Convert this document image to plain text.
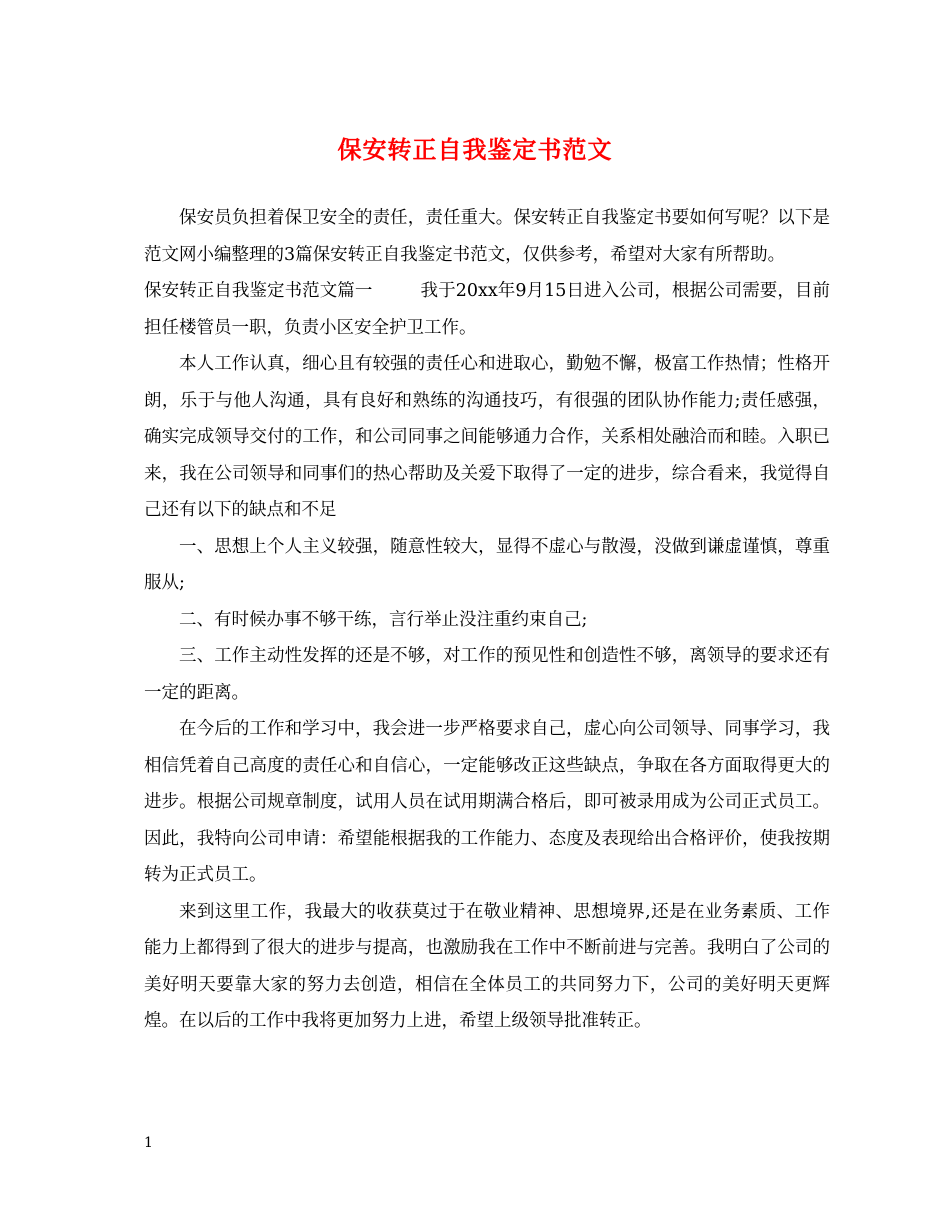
保安转正自我鉴定书范文

保安员负担着保卫安全的责任，责任重大。保安转正自我鉴定书要如何写呢？以下是范文网小编整理的3篇保安转正自我鉴定书范文，仅供参考，希望对大家有所帮助。

保安转正自我鉴定书范文篇一	我于20xx年9月15日进入公司，根据公司需要，目前担任楼管员一职，负责小区安全护卫工作。

本人工作认真，细心且有较强的责任心和进取心，勤勉不懈，极富工作热情；性格开朗，乐于与他人沟通，具有良好和熟练的沟通技巧，有很强的团队协作能力;责任感强，确实完成领导交付的工作，和公司同事之间能够通力合作，关系相处融洽而和睦。入职已来，我在公司领导和同事们的热心帮助及关爱下取得了一定的进步，综合看来，我觉得自己还有以下的缺点和不足

一、思想上个人主义较强，随意性较大，显得不虚心与散漫，没做到谦虚谨慎，尊重服从;

二、有时候办事不够干练，言行举止没注重约束自己;

三、工作主动性发挥的还是不够，对工作的预见性和创造性不够，离领导的要求还有一定的距离。

在今后的工作和学习中，我会进一步严格要求自己，虚心向公司领导、同事学习，我相信凭着自己高度的责任心和自信心，一定能够改正这些缺点，争取在各方面取得更大的进步。根据公司规章制度，试用人员在试用期满合格后，即可被录用成为公司正式员工。因此，我特向公司申请：希望能根据我的工作能力、态度及表现给出合格评价，使我按期转为正式员工。

来到这里工作，我最大的收获莫过于在敬业精神、思想境界,还是在业务素质、工作能力上都得到了很大的进步与提高，也激励我在工作中不断前进与完善。我明白了公司的美好明天要靠大家的努力去创造，相信在全体员工的共同努力下，公司的美好明天更辉煌。在以后的工作中我将更加努力上进，希望上级领导批准转正。

1
